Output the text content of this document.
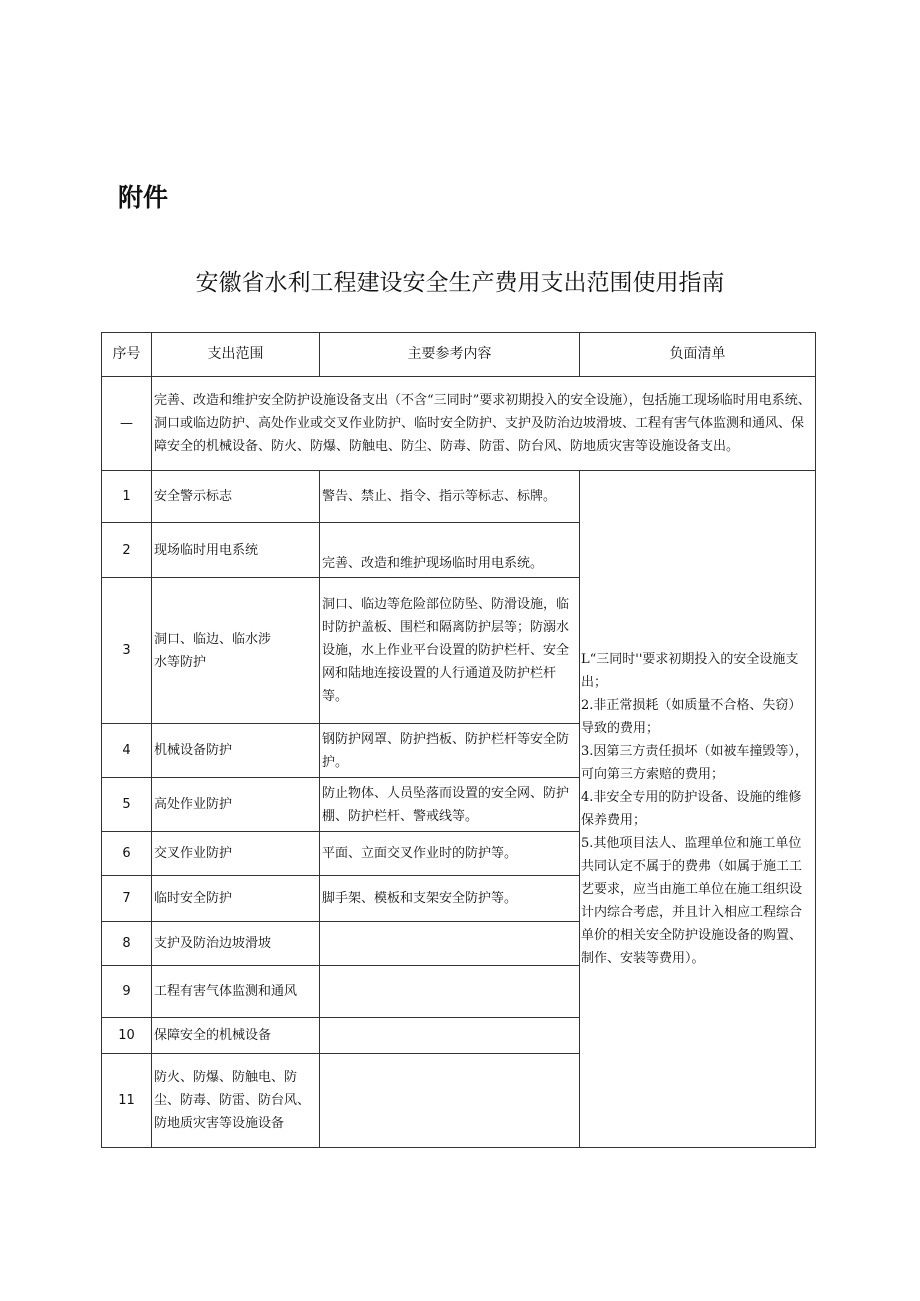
附件
安徽省水利工程建设安全生产费用支出范围使用指南
序号	支出范围	主要参考内容	负面清单
—	完善、改造和维护安全防护设施设备支出（不含“三同时”要求初期投入的安全设施），包括施工现场临时用电系统、洞口或临边防护、高处作业或交叉作业防护、临时安全防护、支护及防治边坡滑坡、工程有害气体监测和通风、保障安全的机械设备、防火、防爆、防触电、防尘、防毒、防雷、防台风、防地质灾害等设施设备支出。		
1	安全警示标志	警告、禁止、指令、指示等标志、标牌。	L“三同时''要求初期投入的安全设施支出；
2.非正常损耗（如质量不合格、失窃）导致的费用；
3.因第三方责任损坏（如被车撞毁等），可向第三方索赔的费用；
4.非安全专用的防护设备、设施的维修保养费用；
5.其他项目法人、监理单位和施工单位共同认定不属于的费弗（如属于施工工艺要求，应当由施工单位在施工组织设计内综合考虑，并且计入相应工程综合单价的相关安全防护设施设备的购置、制作、安装等费用）。

2	现场临时用电系统	完善、改造和维护现场临时用电系统。	
3	洞口、临边、临水涉水等防护	洞口、临边等危险部位防坠、防滑设施，临时防护盖板、围栏和隔离防护层等；防溺水设施，水上作业平台设置的防护栏杆、安全网和陆地连接设置的人行通道及防护栏杆等。	
4	机械设备防护	钢防护网罩、防护挡板、防护栏杆等安全防护。	
5	高处作业防护	防止物体、人员坠落而设置的安全网、防护棚、防护栏杆、警戒线等。	
6	交叉作业防护	平面、立面交叉作业时的防护等。	
7	临时安全防护	脚手架、模板和支架安全防护等。	
8	支护及防治边坡滑坡		
9	工程有害气体监测和通风		
10	保障安全的机械设备		
11	防火、防爆、防触电、防尘、防毒、防雷、防台风、防地质灾害等设施设备		
